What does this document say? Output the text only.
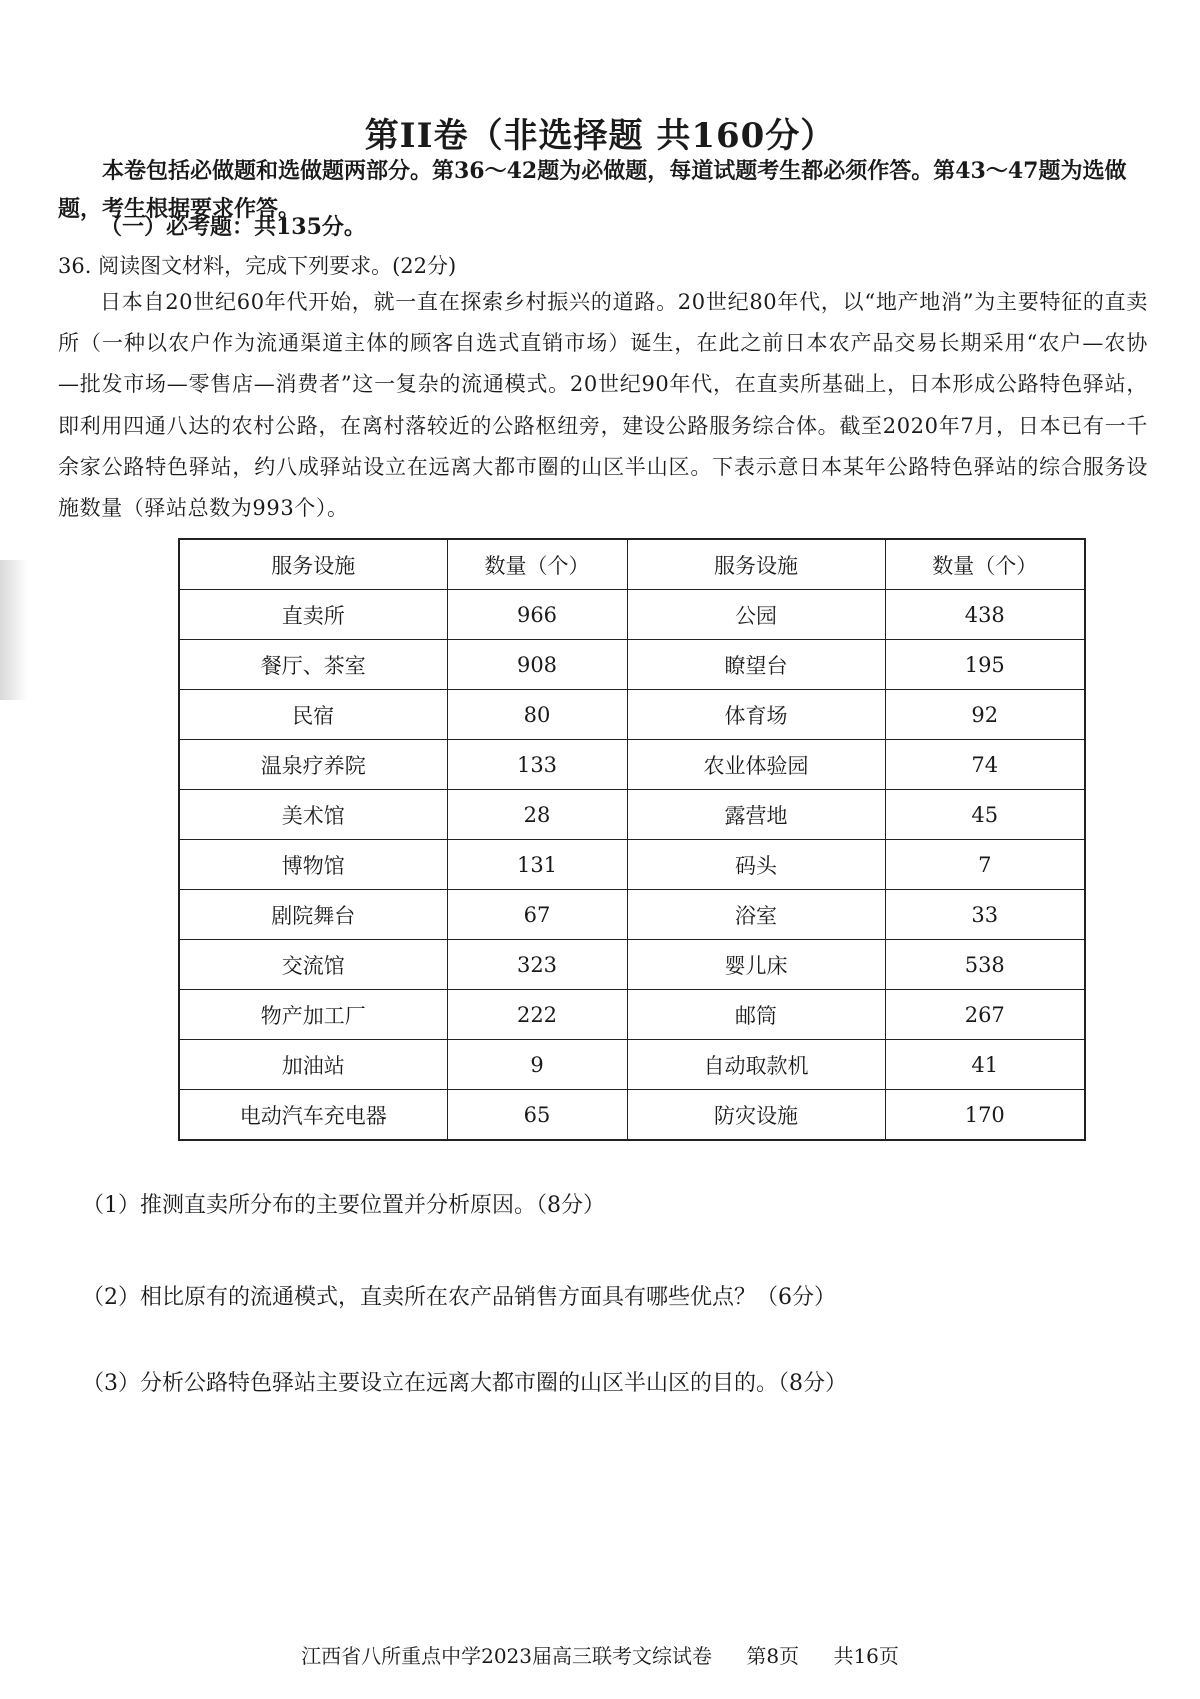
第II卷（非选择题 共160分）

本卷包括必做题和选做题两部分。第36～42题为必做题，每道试题考生都必须作答。第43～47题为选做题，考生根据要求作答。

（一）必考题：共135分。
36. 阅读图文材料，完成下列要求。(22分)
日本自20世纪60年代开始，就一直在探索乡村振兴的道路。20世纪80年代，以“地产地消”为主要特征的直卖所（一种以农户作为流通渠道主体的顾客自选式直销市场）诞生，在此之前日本农产品交易长期采用“农户—农协—批发市场—零售店—消费者”这一复杂的流通模式。20世纪90年代，在直卖所基础上，日本形成公路特色驿站，即利用四通八达的农村公路，在离村落较近的公路枢纽旁，建设公路服务综合体。截至2020年7月，日本已有一千余家公路特色驿站，约八成驿站设立在远离大都市圈的山区半山区。下表示意日本某年公路特色驿站的综合服务设施数量（驿站总数为993个）。
服务设施	数量（个）	服务设施	数量（个）
直卖所	966	公园	438
餐厅、茶室	908	瞭望台	195
民宿	80	体育场	92
温泉疗养院	133	农业体验园	74
美术馆	28	露营地	45
博物馆	131	码头	7
剧院舞台	67	浴室	33
交流馆	323	婴儿床	538
物产加工厂	222	邮筒	267
加油站	9	自动取款机	41
电动汽车充电器	65	防灾设施	170
（1）推测直卖所分布的主要位置并分析原因。（8分）
（2）相比原有的流通模式，直卖所在农产品销售方面具有哪些优点？（6分）
（3）分析公路特色驿站主要设立在远离大都市圈的山区半山区的目的。（8分）
江西省八所重点中学2023届高三联考文综试卷 第8页 共16页
